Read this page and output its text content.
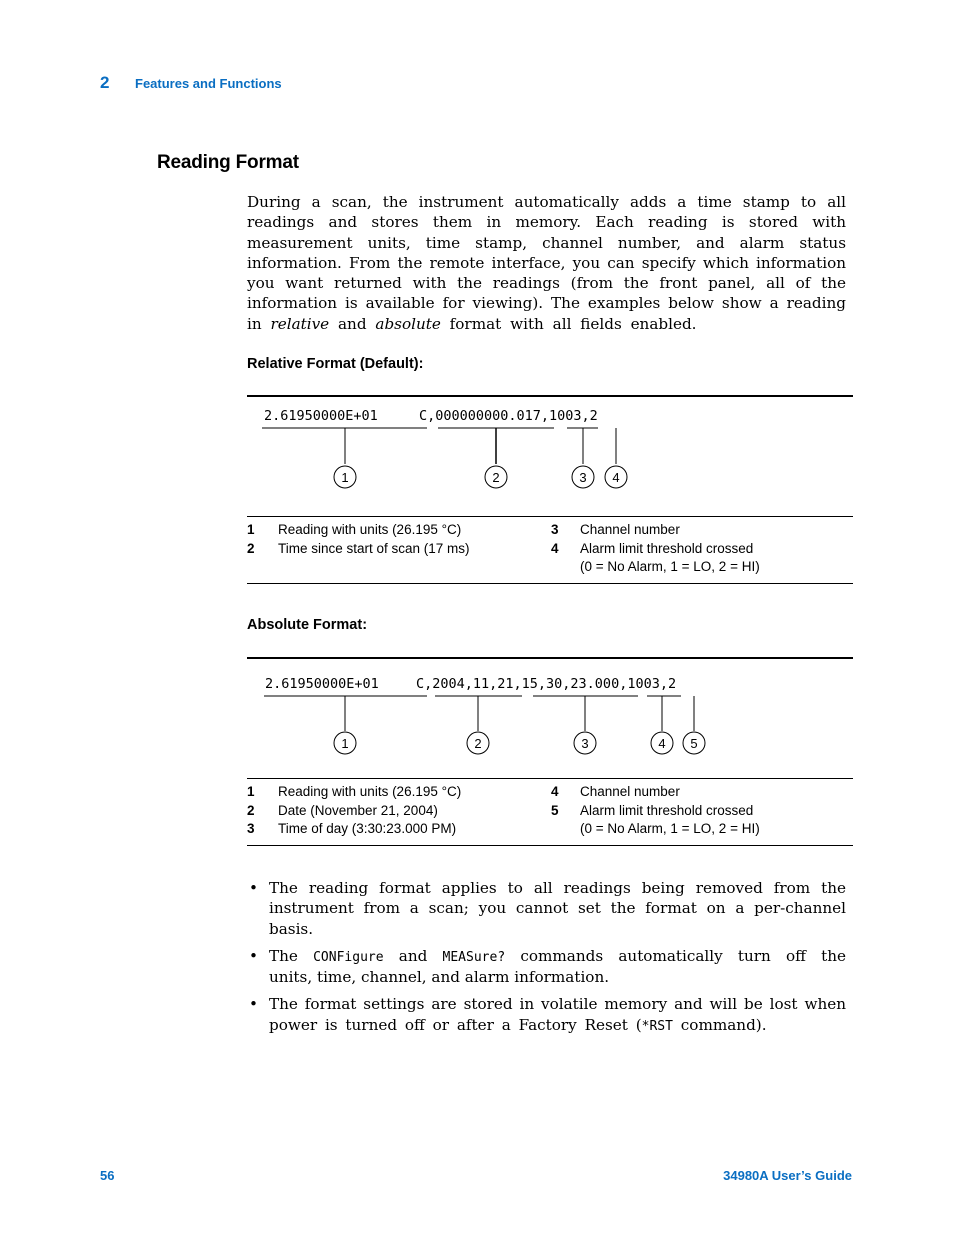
2 Features and Functions
Reading Format
During a scan, the instrument automatically adds a time stamp to all
readings and stores them in memory. Each reading is stored with
measurement units, time stamp, channel number, and alarm status
information. From the remote interface, you can specify which information
you want returned with the readings (from the front panel, all of the
information is available for viewing). The examples below show a reading
in relative and absolute format with all fields enabled.
Relative Format (Default):
2.61950000E+01	C,000000000.017,1003,2
1	2	3 4
1 Reading with units (26.195 °C)
2 Time since start of scan (17 ms)
3 Channel number
4 Alarm limit threshold crossed
(0 = No Alarm, 1 = LO, 2 = HI)
Absolute Format:
2.61950000E+01	C,2004,11,21,15,30,23.000,1003,2
1	2	3	4 5
1 Reading with units (26.195 °C)
2 Date (November 21, 2004)
3 Time of day (3:30:23.000 PM)
4 Channel number
5 Alarm limit threshold crossed
(0 = No Alarm, 1 = LO, 2 = HI)
• The reading format applies to all readings being removed from the
instrument from a scan; you cannot set the format on a per-channel
basis.
• The CONFigure and MEASure? commands automatically turn off the
units, time, channel, and alarm information.
• The format settings are stored in volatile memory and will be lost when
power is turned off or after a Factory Reset (*RST command).
56	34980A User’s Guide
